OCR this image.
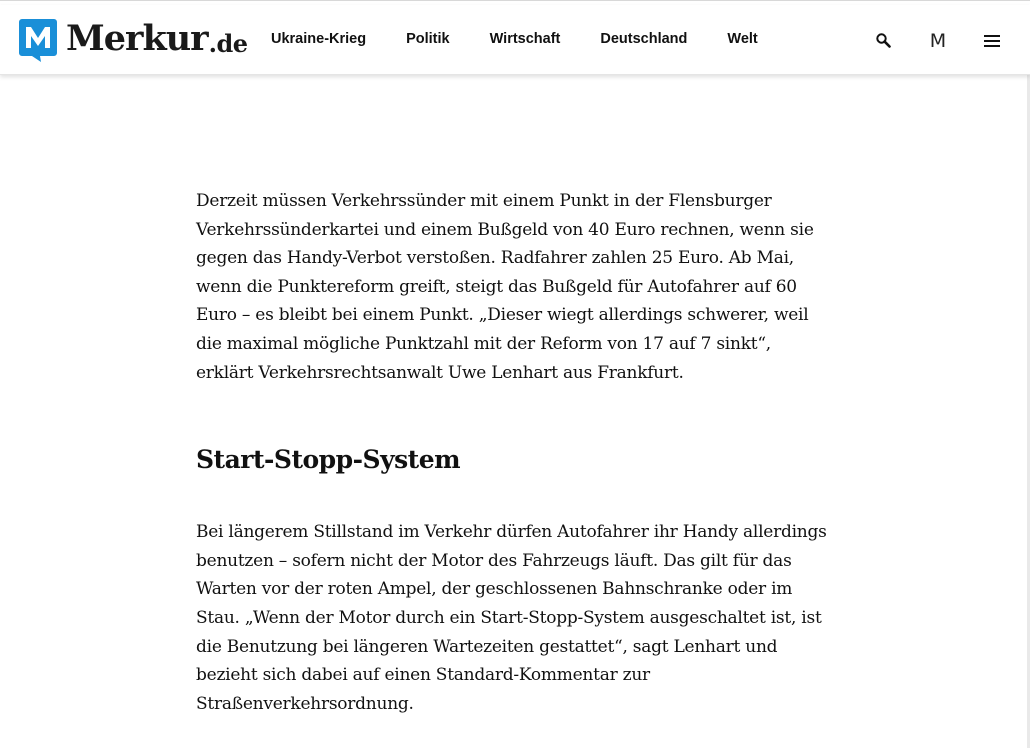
Merkur .de Ukraine-Krieg	Politik	Wirtschaft	Deutschland	Welt	M

Derzeit müssen Verkehrssünder mit einem Punkt in der Flensburger Verkehrssünderkartei und einem Bußgeld von 40 Euro rechnen, wenn sie gegen das Handy-Verbot verstoßen. Radfahrer zahlen 25 Euro. Ab Mai, wenn die Punktereform greift, steigt das Bußgeld für Autofahrer auf 60 Euro – es bleibt bei einem Punkt. „Dieser wiegt allerdings schwerer, weil die maximal mögliche Punktzahl mit der Reform von 17 auf 7 sinkt“, erklärt Verkehrsrechtsanwalt Uwe Lenhart aus Frankfurt.

Start-Stopp-System

Bei längerem Stillstand im Verkehr dürfen Autofahrer ihr Handy allerdings benutzen – sofern nicht der Motor des Fahrzeugs läuft. Das gilt für das Warten vor der roten Ampel, der geschlossenen Bahnschranke oder im Stau. „Wenn der Motor durch ein Start-Stopp-System ausgeschaltet ist, ist die Benutzung bei längeren Wartezeiten gestattet“, sagt Lenhart und bezieht sich dabei auf einen Standard-Kommentar zur Straßenverkehrsordnung.
